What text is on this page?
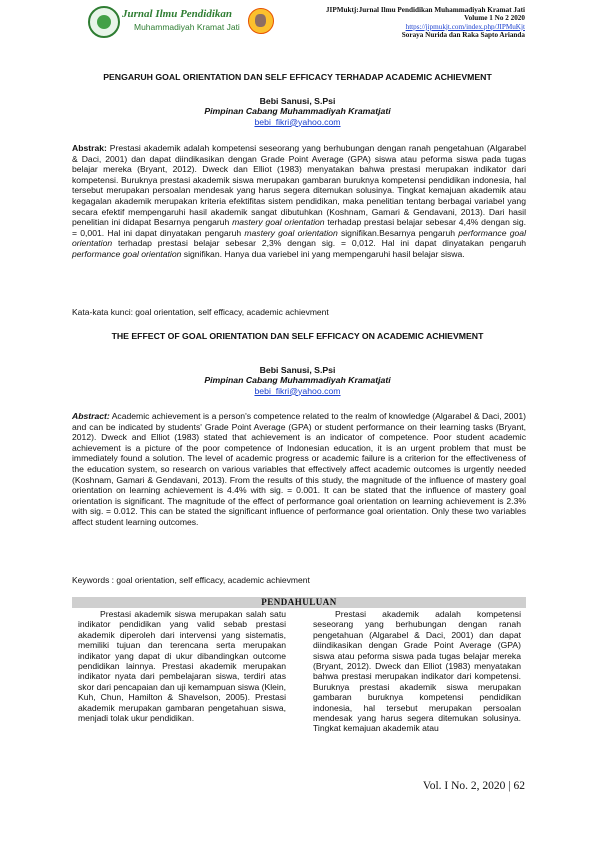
Jurnal Ilmu Pendidikan
Muhammadiyah Kramat Jati
JIPMuktj:Jurnal Ilmu Pendidikan Muhammadiyah Kramat Jati
Volume 1 No 2 2020
https://jipmukjt.com/index.php/JIPMuKjt
Soraya Nurida dan Raka Sapto Arianda
PENGARUH GOAL ORIENTATION DAN SELF EFFICACY TERHADAP ACADEMIC ACHIEVMENT
Bebi Sanusi, S.Psi
Pimpinan Cabang Muhammadiyah Kramatjati
bebi_fikri@yahoo.com
Abstrak: Prestasi akademik adalah kompetensi seseorang yang berhubungan dengan ranah pengetahuan (Algarabel & Daci, 2001) dan dapat diindikasikan dengan Grade Point Average (GPA) siswa atau peforma siswa pada tugas belajar mereka (Bryant, 2012). Dweck dan Elliot (1983) menyatakan bahwa prestasi merupakan indikator dari kompetensi. Buruknya prestasi akademik siswa merupakan gambaran buruknya kompetensi pendidikan indonesia, hal tersebut merupakan persoalan mendesak yang harus segera ditemukan solusinya. Tingkat kemajuan akademik atau kegagalan akademik merupakan kriteria efektifitas sistem pendidikan, maka penelitian tentang berbagai variabel yang secara efektif mempengaruhi hasil akademik sangat dibutuhkan (Koshnam, Gamari & Gendavani, 2013). Dari hasil penelitian ini didapat Besarnya pengaruh mastery goal orientation terhadap prestasi belajar sebesar 4,4% dengan sig. = 0,001. Hal ini dapat dinyatakan pengaruh mastery goal orientation signifikan.Besarnya pengaruh performance goal orientation terhadap prestasi belajar sebesar 2,3% dengan sig. = 0,012. Hal ini dapat dinyatakan pengaruh performance goal orientation signifikan. Hanya dua variebel ini yang mempengaruhi hasil belajar siswa.
Kata-kata kunci: goal orientation, self efficacy, academic achievment
THE EFFECT OF GOAL ORIENTATION DAN SELF EFFICACY ON ACADEMIC ACHIEVMENT
Bebi Sanusi, S.Psi
Pimpinan Cabang Muhammadiyah Kramatjati
bebi_fikri@yahoo.com
Abstract: Academic achievement is a person's competence related to the realm of knowledge (Algarabel & Daci, 2001) and can be indicated by students' Grade Point Average (GPA) or student performance on their learning tasks (Bryant, 2012). Dweck and Elliot (1983) stated that achievement is an indicator of competence. Poor student academic achievement is a picture of the poor competence of Indonesian education, it is an urgent problem that must be immediately found a solution. The level of academic progress or academic failure is a criterion for the effectiveness of the education system, so research on various variables that effectively affect academic outcomes is urgently needed (Koshnam, Gamari & Gendavani, 2013). From the results of this study, the magnitude of the influence of mastery goal orientation on learning achievement is 4.4% with sig. = 0.001. It can be stated that the influence of mastery goal orientation is significant. The magnitude of the effect of performance goal orientation on learning achievement is 2.3% with sig. = 0.012. This can be stated the significant influence of performance goal orientation. Only these two variables affect student learning outcomes.
Keywords : goal orientation, self efficacy, academic achievment
PENDAHULUAN
Prestasi akademik siswa merupakan salah satu indikator pendidikan yang valid sebab prestasi akademik diperoleh dari intervensi yang sistematis, memiliki tujuan dan terencana serta merupakan indikator yang dapat di ukur dibandingkan outcome pendidikan lainnya. Prestasi akademik merupakan indikator nyata dari pembelajaran siswa, terdiri atas skor dari pencapaian dan uji kemampuan siswa (Klein, Kuh, Chun, Hamilton & Shavelson, 2005). Prestasi akademik merupakan gambaran pengetahuan siswa, menjadi tolak ukur pendidikan.
Prestasi akademik adalah kompetensi seseorang yang berhubungan dengan ranah pengetahuan (Algarabel & Daci, 2001) dan dapat diindikasikan dengan Grade Point Average (GPA) siswa atau peforma siswa pada tugas belajar mereka (Bryant, 2012). Dweck dan Elliot (1983) menyatakan bahwa prestasi merupakan indikator dari kompetensi. Buruknya prestasi akademik siswa merupakan gambaran buruknya kompetensi pendidikan indonesia, hal tersebut merupakan persoalan mendesak yang harus segera ditemukan solusinya. Tingkat kemajuan akademik atau
Vol. I No. 2, 2020 | 62
